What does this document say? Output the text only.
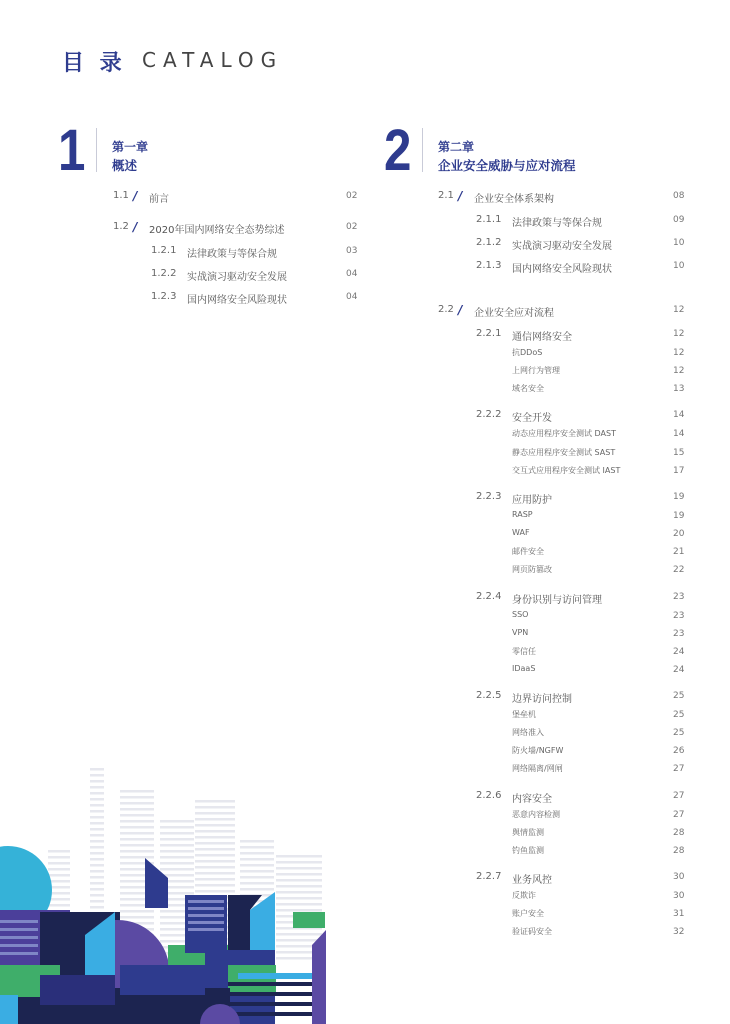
目 录 CATALOG
1 第一章
概述	2 第二章
企业安全威胁与应对流程
1.1 / 前言	02
1.2 / 2020年国内网络安全态势综述	02
1.2.1 法律政策与等保合规	03
1.2.2 实战演习驱动安全发展	04
1.2.3 国内网络安全风险现状	04
2.1 / 企业安全体系架构	08
2.1.1 法律政策与等保合规	09
2.1.2 实战演习驱动安全发展	10
2.1.3 国内网络安全风险现状	10
2.2 / 企业安全应对流程	12
2.2.1 通信网络安全	12
抗DDoS	12
上网行为管理	12
域名安全	13
2.2.2 安全开发	14
动态应用程序安全测试 DAST	14
静态应用程序安全测试 SAST	15
交互式应用程序安全测试 IAST	17
2.2.3 应用防护	19
RASP	19
WAF	20
邮件安全	21
网页防篡改	22
2.2.4 身份识别与访问管理	23
SSO	23
VPN	23
零信任	24
IDaaS	24
2.2.5 边界访问控制	25
堡垒机	25
网络准入	25
防火墙/NGFW	26
网络隔离/网闸	27
2.2.6 内容安全	27
恶意内容检测	27
舆情监测	28
钓鱼监测	28
2.2.7 业务风控	30
反欺诈	30
账户安全	31
验证码安全	32
